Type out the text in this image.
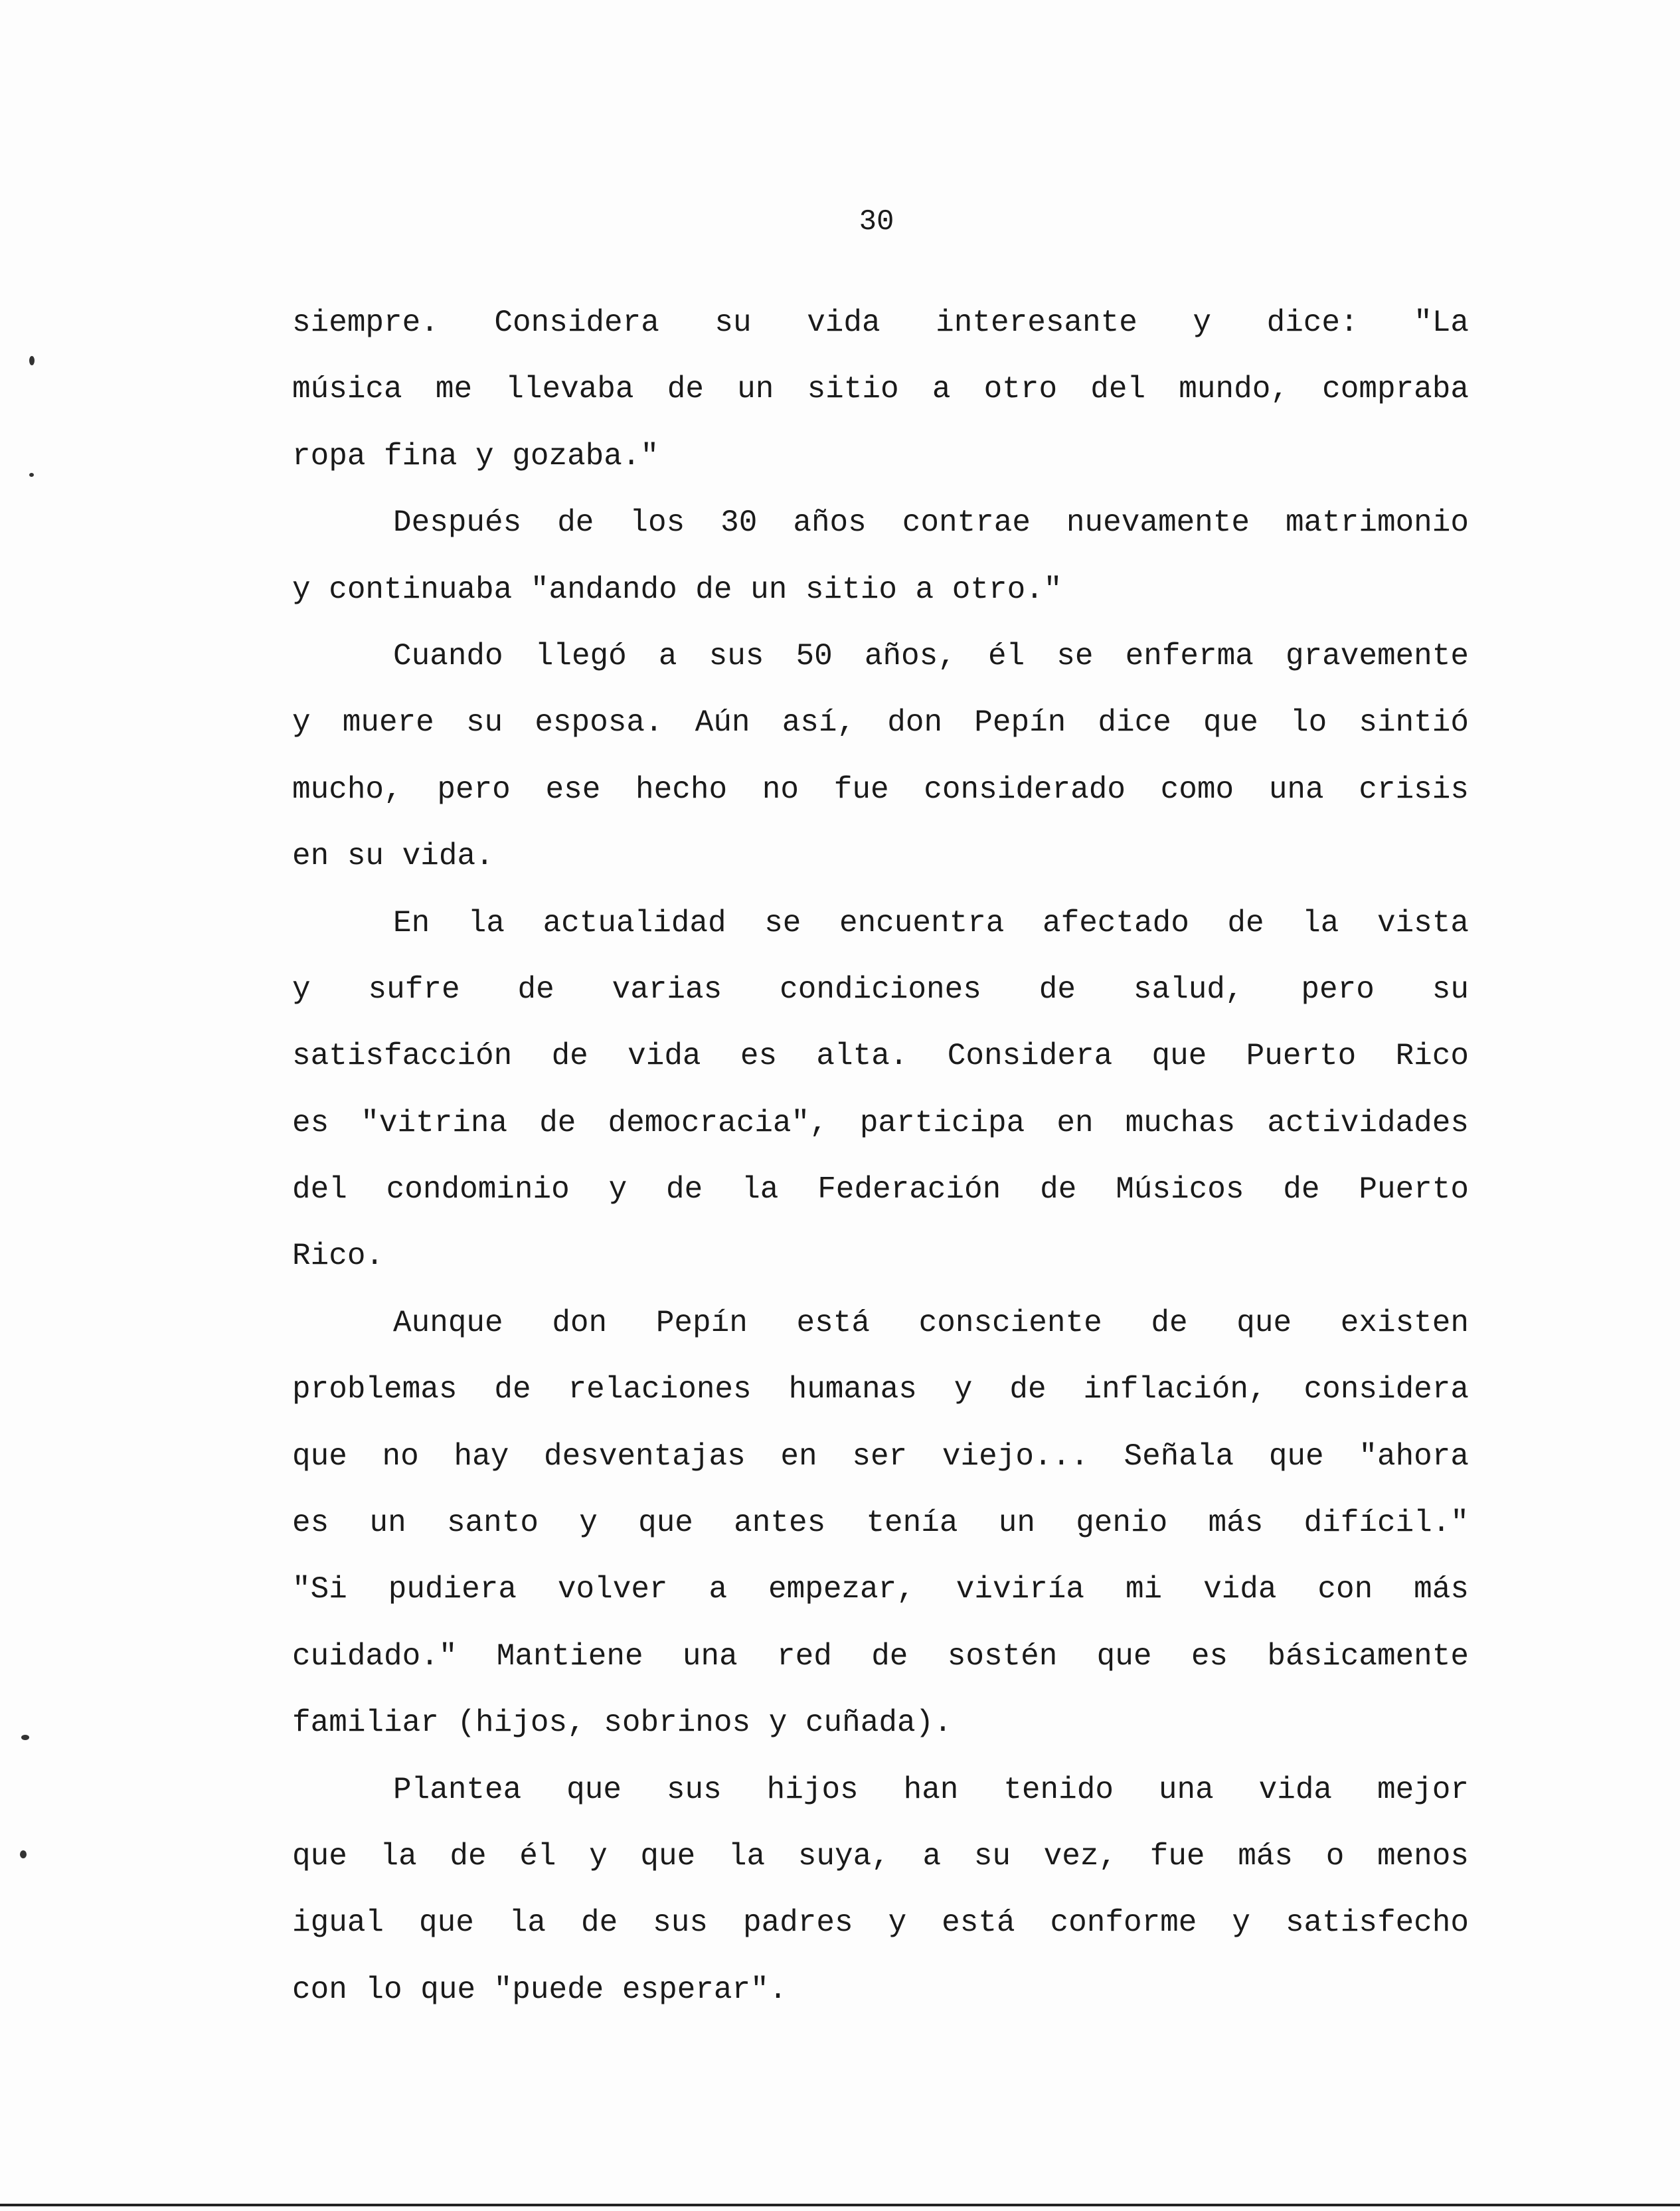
30
siempre. Considera su vida interesante y dice: "La
música me llevaba de un sitio a otro del mundo, compraba
ropa fina y gozaba."
Después de los 30 años contrae nuevamente matrimonio
y continuaba "andando de un sitio a otro."
Cuando llegó a sus 50 años, él se enferma gravemente
y muere su esposa. Aún así, don Pepín dice que lo sintió
mucho, pero ese hecho no fue considerado como una crisis
en su vida.
En la actualidad se encuentra afectado de la vista
y sufre de varias condiciones de salud, pero su
satisfacción de vida es alta. Considera que Puerto Rico
es "vitrina de democracia", participa en muchas actividades
del condominio y de la Federación de Músicos de Puerto
Rico.
Aunque don Pepín está consciente de que existen
problemas de relaciones humanas y de inflación, considera
que no hay desventajas en ser viejo... Señala que "ahora
es un santo y que antes tenía un genio más difícil."
"Si pudiera volver a empezar, viviría mi vida con más
cuidado." Mantiene una red de sostén que es básicamente
familiar (hijos, sobrinos y cuñada).
Plantea que sus hijos han tenido una vida mejor
que la de él y que la suya, a su vez, fue más o menos
igual que la de sus padres y está conforme y satisfecho
con lo que "puede esperar".
